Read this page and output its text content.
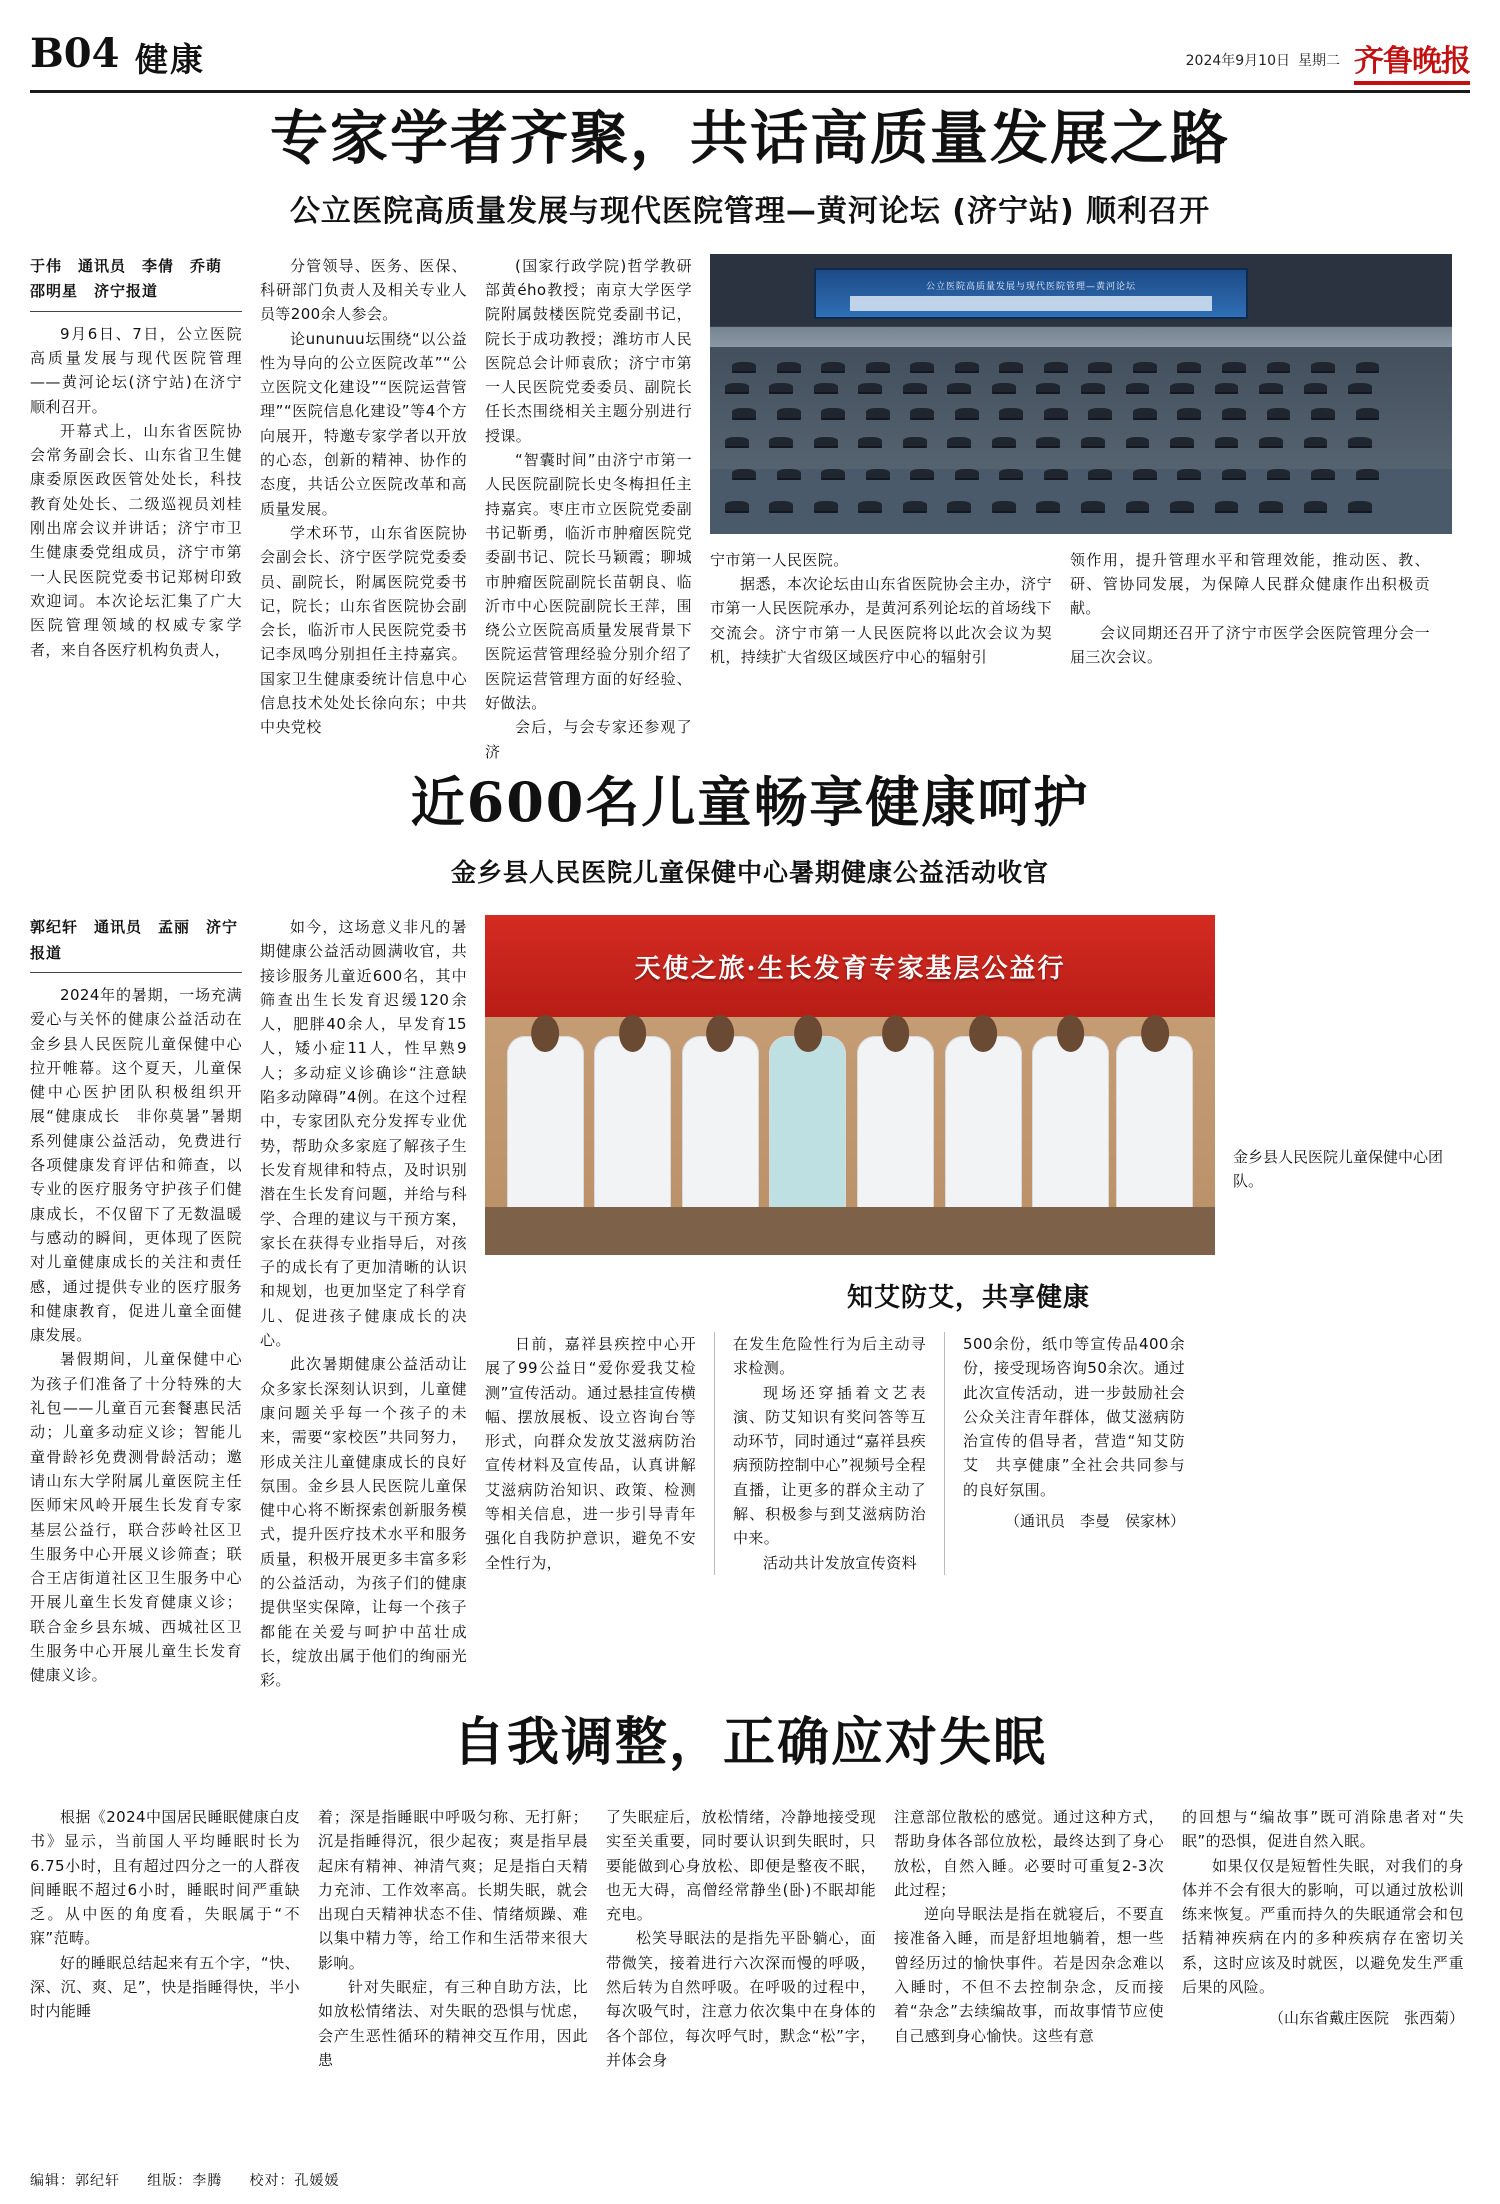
B04 健康	2024年9月10日 星期二 齐鲁晚报
专家学者齐聚，共话高质量发展之路
公立医院高质量发展与现代医院管理—黄河论坛 (济宁站) 顺利召开
于伟　通讯员　李倩　乔萌
邵明星　济宁报道

9月6日、7日，公立医院高质量发展与现代医院管理——黄河论坛(济宁站)在济宁顺利召开。

开幕式上，山东省医院协会常务副会长、山东省卫生健康委原医政医管处处长，科技教育处处长、二级巡视员刘桂刚出席会议并讲话；济宁市卫生健康委党组成员，济宁市第一人民医院党委书记郑树印致欢迎词。本次论坛汇集了广大医院管理领域的权威专家学者，来自各医疗机构负责人，

分管领导、医务、医保、科研部门负责人及相关专业人员等200余人参会。

论ununuu坛围绕“以公益性为导向的公立医院改革”“公立医院文化建设”“医院运营管理”“医院信息化建设”等4个方向展开，特邀专家学者以开放的心态，创新的精神、协作的态度，共话公立医院改革和高质量发展。

学术环节，山东省医院协会副会长、济宁医学院党委委员、副院长，附属医院党委书记，院长；山东省医院协会副会长，临沂市人民医院党委书记李凤鸣分别担任主持嘉宾。国家卫生健康委统计信息中心信息技术处处长徐向东；中共中央党校

(国家行政学院)哲学教研部黄ého教授；南京大学医学院附属鼓楼医院党委副书记，院长于成功教授；潍坊市人民医院总会计师袁欣；济宁市第一人民医院党委委员、副院长任长杰围绕相关主题分别进行授课。

“智囊时间”由济宁市第一人民医院副院长史冬梅担任主持嘉宾。枣庄市立医院党委副书记靳勇，临沂市肿瘤医院党委副书记、院长马颖霞；聊城市肿瘤医院副院长苗朝良、临沂市中心医院副院长王萍，围绕公立医院高质量发展背景下医院运营管理经验分别介绍了医院运营管理方面的好经验、好做法。

会后，与会专家还参观了济

公立医院高质量发展与现代医院管理—黄河论坛

宁市第一人民医院。

据悉，本次论坛由山东省医院协会主办，济宁市第一人民医院承办，是黄河系列论坛的首场线下交流会。济宁市第一人民医院将以此次会议为契机，持续扩大省级区域医疗中心的辐射引

领作用，提升管理水平和管理效能，推动医、教、研、管协同发展，为保障人民群众健康作出积极贡献。

会议同期还召开了济宁市医学会医院管理分会一届三次会议。

近600名儿童畅享健康呵护
金乡县人民医院儿童保健中心暑期健康公益活动收官
郭纪轩　通讯员　孟丽　济宁报道

2024年的暑期，一场充满爱心与关怀的健康公益活动在金乡县人民医院儿童保健中心拉开帷幕。这个夏天，儿童保健中心医护团队积极组织开展“健康成长　非你莫暑”暑期系列健康公益活动，免费进行各项健康发育评估和筛查，以专业的医疗服务守护孩子们健康成长，不仅留下了无数温暖与感动的瞬间，更体现了医院对儿童健康成长的关注和责任感，通过提供专业的医疗服务和健康教育，促进儿童全面健康发展。

暑假期间，儿童保健中心为孩子们准备了十分特殊的大礼包——儿童百元套餐惠民活动；儿童多动症义诊；智能儿童骨龄衫免费测骨龄活动；邀请山东大学附属儿童医院主任医师宋风岭开展生长发育专家基层公益行，联合莎岭社区卫生服务中心开展义诊筛查；联合王店街道社区卫生服务中心开展儿童生长发育健康义诊；联合金乡县东城、西城社区卫生服务中心开展儿童生长发育健康义诊。

如今，这场意义非凡的暑期健康公益活动圆满收官，共接诊服务儿童近600名，其中筛查出生长发育迟缓120余人，肥胖40余人，早发育15人，矮小症11人，性早熟9人；多动症义诊确诊“注意缺陷多动障碍”4例。在这个过程中，专家团队充分发挥专业优势，帮助众多家庭了解孩子生长发育规律和特点，及时识别潜在生长发育问题，并给与科学、合理的建议与干预方案，家长在获得专业指导后，对孩子的成长有了更加清晰的认识和规划，也更加坚定了科学育儿、促进孩子健康成长的决心。

此次暑期健康公益活动让众多家长深刻认识到，儿童健康问题关乎每一个孩子的未来，需要“家校医”共同努力，形成关注儿童健康成长的良好氛围。金乡县人民医院儿童保健中心将不断探索创新服务模式，提升医疗技术水平和服务质量，积极开展更多丰富多彩的公益活动，为孩子们的健康提供坚实保障，让每一个孩子都能在关爱与呵护中茁壮成长，绽放出属于他们的绚丽光彩。

天使之旅·生长发育专家基层公益行
金乡县人民医院儿童保健中心团队。
知艾防艾，共享健康

日前，嘉祥县疾控中心开展了99公益日“爱你爱我艾检测”宣传活动。通过悬挂宣传横幅、摆放展板、设立咨询台等形式，向群众发放艾滋病防治宣传材料及宣传品，认真讲解艾滋病防治知识、政策、检测等相关信息，进一步引导青年强化自我防护意识，避免不安全性行为，

在发生危险性行为后主动寻求检测。

现场还穿插着文艺表演、防艾知识有奖问答等互动环节，同时通过“嘉祥县疾病预防控制中心”视频号全程直播，让更多的群众主动了解、积极参与到艾滋病防治中来。

活动共计发放宣传资料

500余份，纸巾等宣传品400余份，接受现场咨询50余次。通过此次宣传活动，进一步鼓励社会公众关注青年群体，做艾滋病防治宣传的倡导者，营造“知艾防艾　共享健康”全社会共同参与的良好氛围。

（通讯员　李曼　侯家林）
自我调整，正确应对失眠

根据《2024中国居民睡眠健康白皮书》显示，当前国人平均睡眠时长为6.75小时，且有超过四分之一的人群夜间睡眠不超过6小时，睡眠时间严重缺乏。从中医的角度看，失眠属于“不寐”范畴。

好的睡眠总结起来有五个字，“快、深、沉、爽、足”，快是指睡得快，半小时内能睡

着；深是指睡眠中呼吸匀称、无打鼾；沉是指睡得沉，很少起夜；爽是指早晨起床有精神、神清气爽；足是指白天精力充沛、工作效率高。长期失眠，就会出现白天精神状态不佳、情绪烦躁、难以集中精力等，给工作和生活带来很大影响。

针对失眠症，有三种自助方法，比如放松情绪法、对失眠的恐惧与忧虑，会产生恶性循环的精神交互作用，因此患

了失眠症后，放松情绪，冷静地接受现实至关重要，同时要认识到失眠时，只要能做到心身放松、即便是整夜不眠，也无大碍，高僧经常静坐(卧)不眠却能充电。

松笑导眠法的是指先平卧躺心，面带微笑，接着进行六次深而慢的呼吸，然后转为自然呼吸。在呼吸的过程中，每次吸气时，注意力依次集中在身体的各个部位，每次呼气时，默念“松”字，并体会身

注意部位散松的感觉。通过这种方式，帮助身体各部位放松，最终达到了身心放松，自然入睡。必要时可重复2-3次此过程；

逆向导眠法是指在就寝后，不要直接准备入睡，而是舒坦地躺着，想一些曾经历过的愉快事件。若是因杂念难以入睡时，不但不去控制杂念，反而接着“杂念”去续编故事，而故事情节应使自己感到身心愉快。这些有意

的回想与“编故事”既可消除患者对“失眠”的恐惧，促进自然入眠。

如果仅仅是短暂性失眠，对我们的身体并不会有很大的影响，可以通过放松训练来恢复。严重而持久的失眠通常会和包括精神疾病在内的多种疾病存在密切关系，这时应该及时就医，以避免发生严重后果的风险。

（山东省戴庄医院　张西菊）
编辑：郭纪轩 组版：李腾 校对：孔媛媛
